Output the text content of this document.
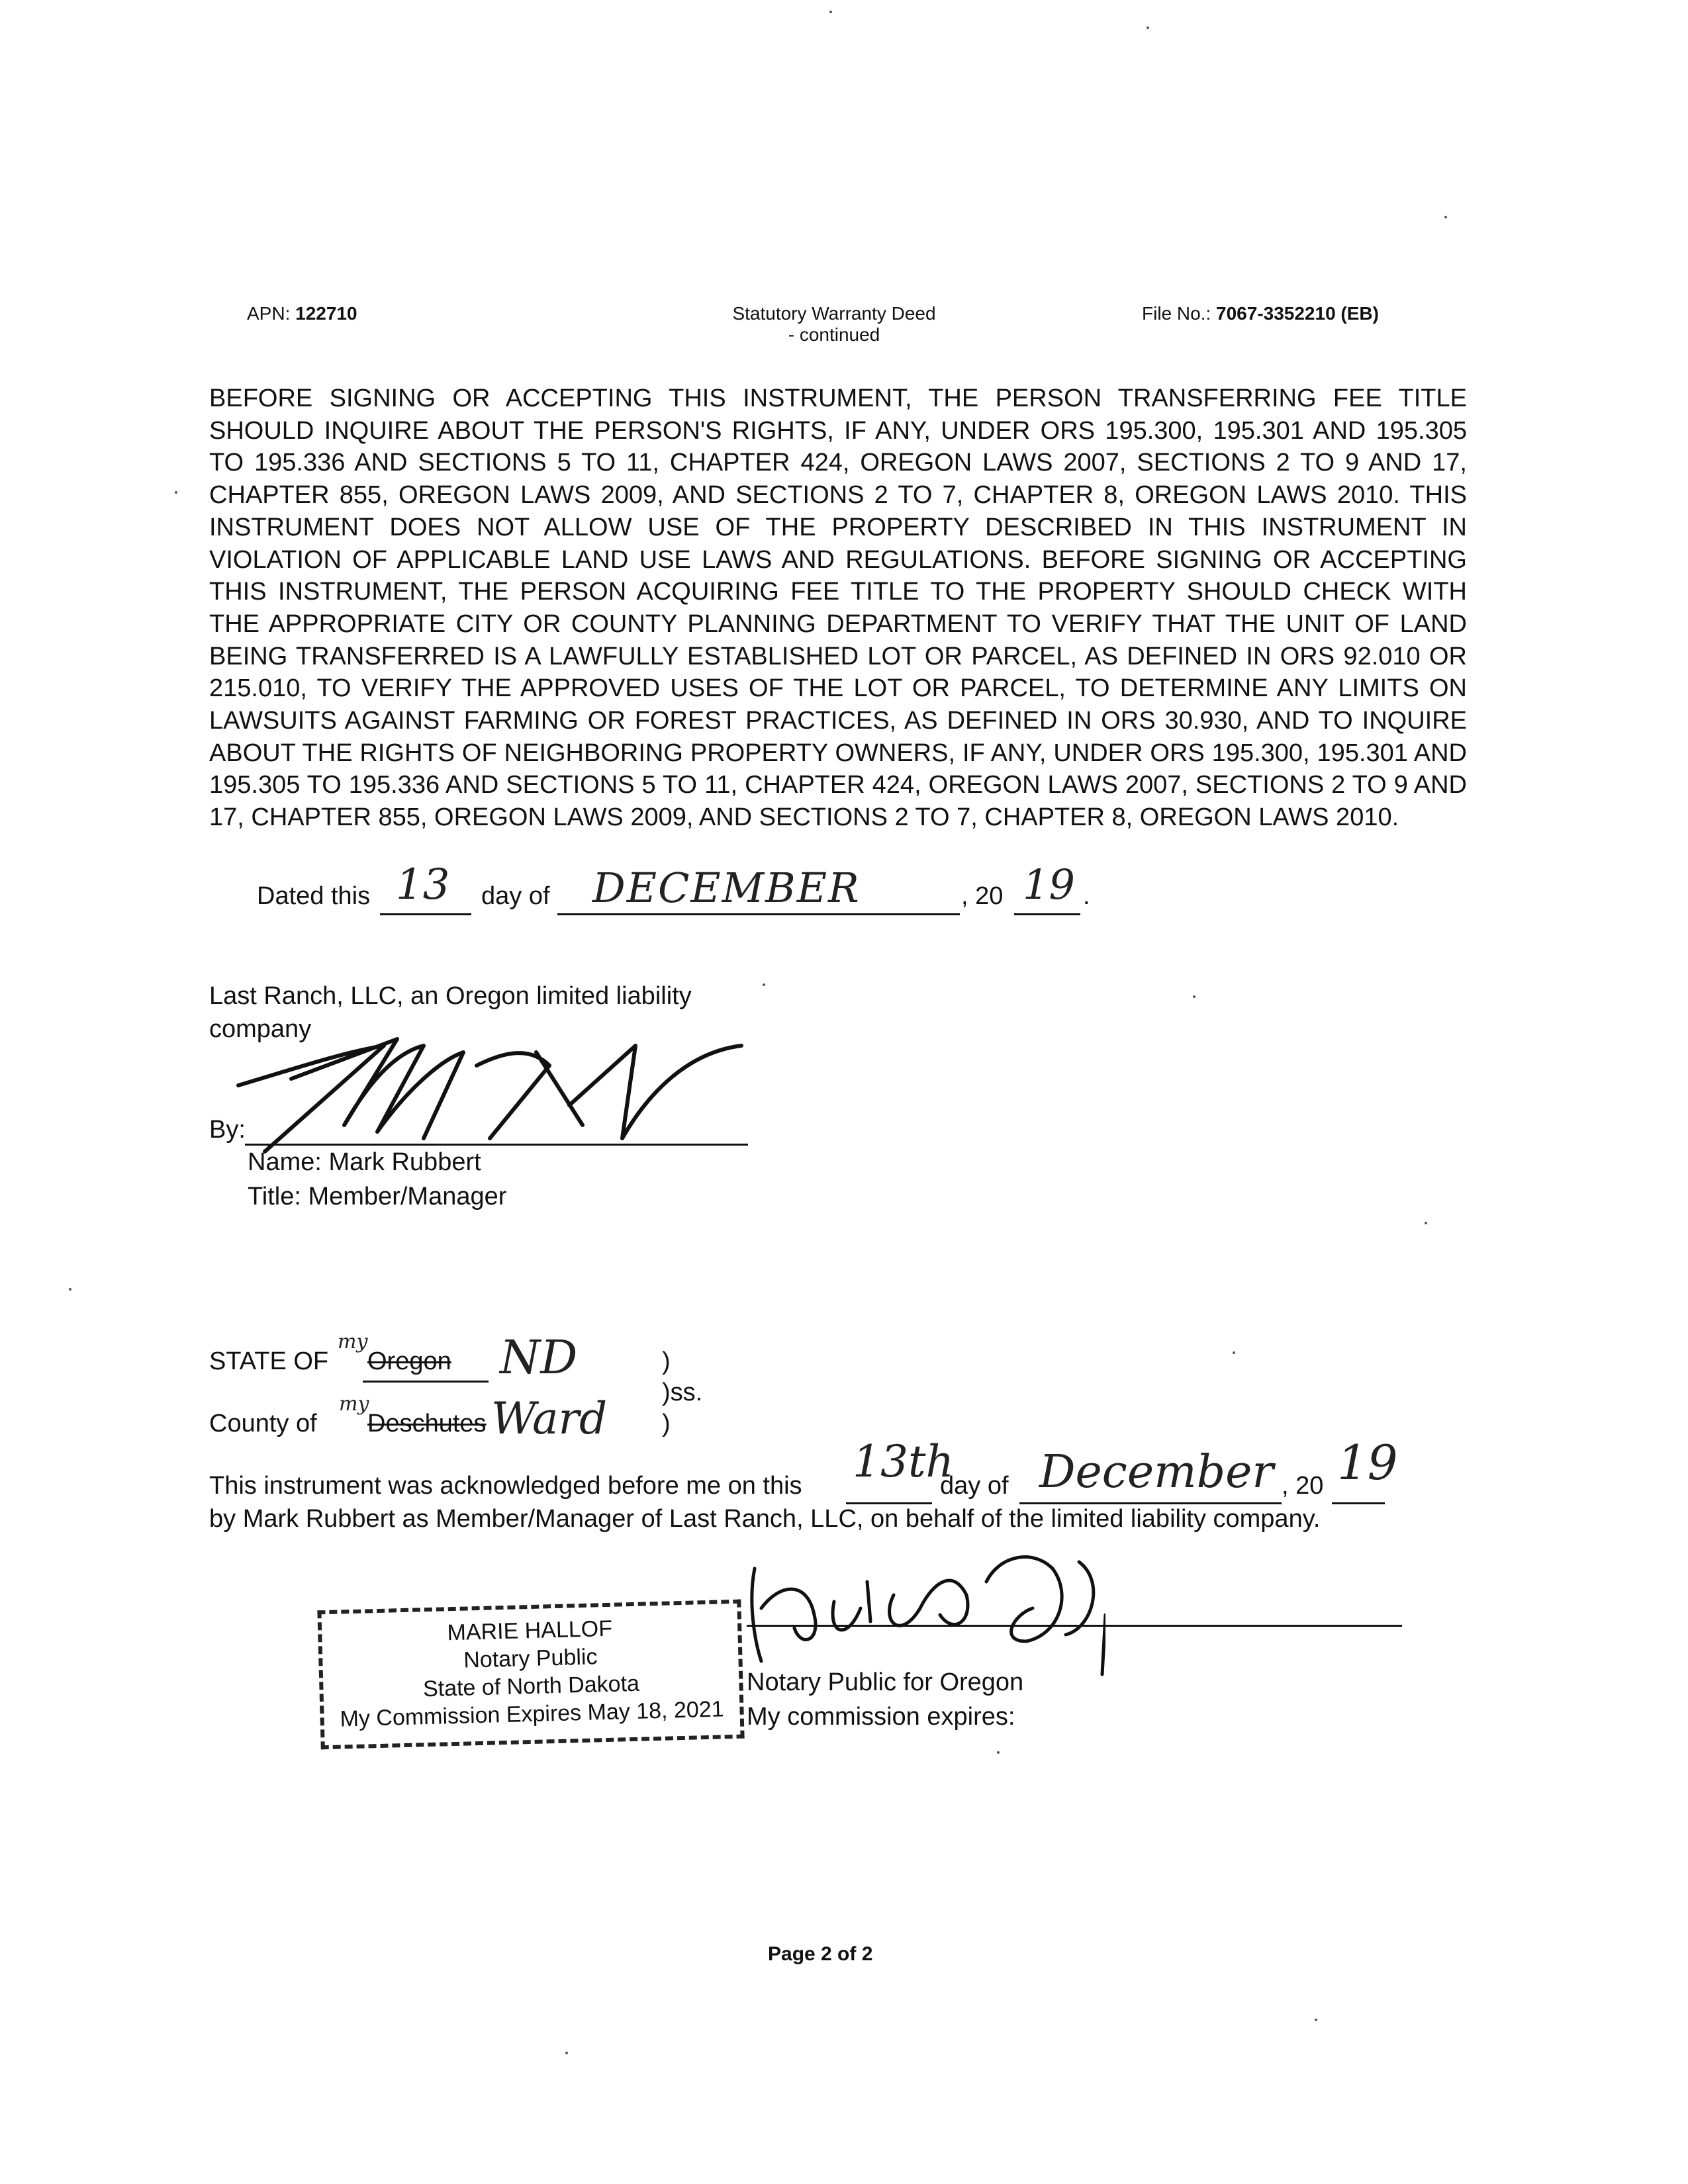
APN: 122710	Statutory Warranty Deed
- continued
File No.: 7067-3352210 (EB)
BEFORE SIGNING OR ACCEPTING THIS INSTRUMENT, THE PERSON TRANSFERRING FEE TITLE SHOULD INQUIRE ABOUT THE PERSON'S RIGHTS, IF ANY, UNDER ORS 195.300, 195.301 AND 195.305 TO 195.336 AND SECTIONS 5 TO 11, CHAPTER 424, OREGON LAWS 2007, SECTIONS 2 TO 9 AND 17, CHAPTER 855, OREGON LAWS 2009, AND SECTIONS 2 TO 7, CHAPTER 8, OREGON LAWS 2010. THIS INSTRUMENT DOES NOT ALLOW USE OF THE PROPERTY DESCRIBED IN THIS INSTRUMENT IN VIOLATION OF APPLICABLE LAND USE LAWS AND REGULATIONS. BEFORE SIGNING OR ACCEPTING THIS INSTRUMENT, THE PERSON ACQUIRING FEE TITLE TO THE PROPERTY SHOULD CHECK WITH THE APPROPRIATE CITY OR COUNTY PLANNING DEPARTMENT TO VERIFY THAT THE UNIT OF LAND BEING TRANSFERRED IS A LAWFULLY ESTABLISHED LOT OR PARCEL, AS DEFINED IN ORS 92.010 OR 215.010, TO VERIFY THE APPROVED USES OF THE LOT OR PARCEL, TO DETERMINE ANY LIMITS ON LAWSUITS AGAINST FARMING OR FOREST PRACTICES, AS DEFINED IN ORS 30.930, AND TO INQUIRE ABOUT THE RIGHTS OF NEIGHBORING PROPERTY OWNERS, IF ANY, UNDER ORS 195.300, 195.301 AND 195.305 TO 195.336 AND SECTIONS 5 TO 11, CHAPTER 424, OREGON LAWS 2007, SECTIONS 2 TO 9 AND 17, CHAPTER 855, OREGON LAWS 2009, AND SECTIONS 2 TO 7, CHAPTER 8, OREGON LAWS 2010.
Dated this 13 day of DECEMBER	, 20 19 .
Last Ranch, LLC, an Oregon limited liability
company
By:
Name: Mark Rubbert
Title: Member/Manager
STATE OF
my
Oregon ND
County of
my
Deschutes Ward
)
)ss.
)
This instrument was acknowledged before me on this 13th
day of December , 20 19
by Mark Rubbert as Member/Manager of Last Ranch, LLC, on behalf of the limited liability company.
MARIE HALLOF
Notary Public
State of North Dakota
My Commission Expires May 18, 2021
Notary Public for Oregon
My commission expires:
Page 2 of 2
